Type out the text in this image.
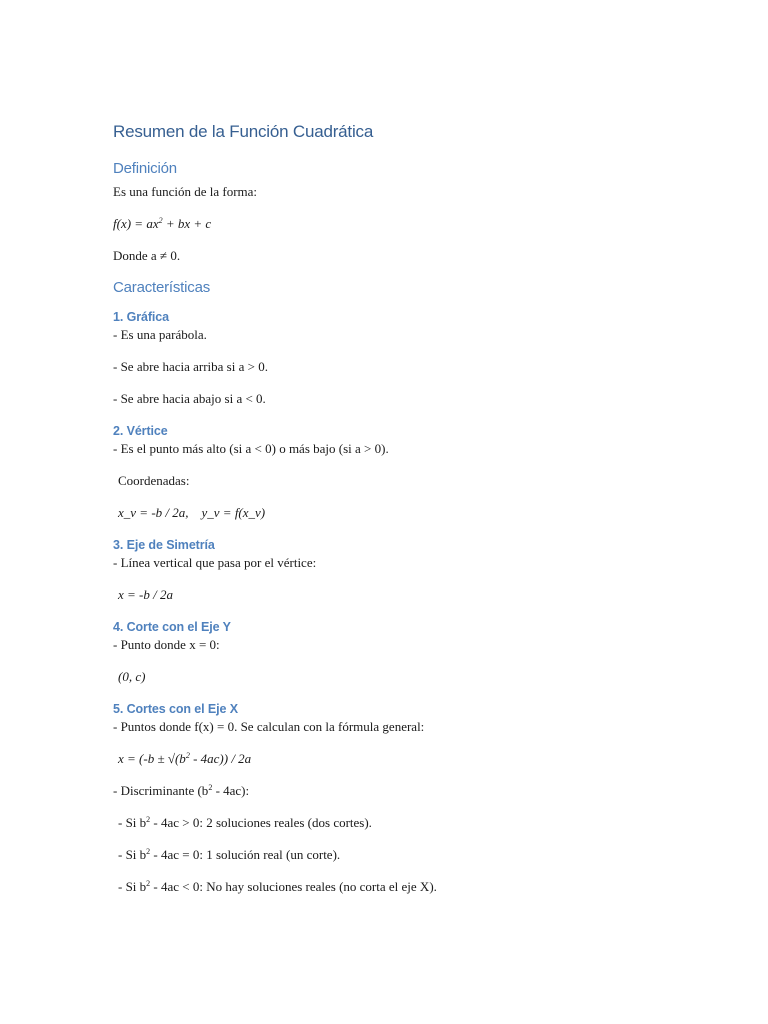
Resumen de la Función Cuadrática
Definición

Es una función de la forma:

$f(x) = ax^2$ + bx + c

Donde a ≠ 0.

Características
1. Gráfica

- Es una parábola.

- Se abre hacia arriba si a > 0.

- Se abre hacia abajo si a < 0.

2. Vértice

- Es el punto más alto (si a < 0) o más bajo (si a > 0).

Coordenadas:

x_v = -b / 2a,    y_v = f(x_v)

3. Eje de Simetría

- Línea vertical que pasa por el vértice:

x = -b / 2a

4. Corte con el Eje Y

- Punto donde x = 0:

(0, c)

5. Cortes con el Eje X

- Puntos donde f(x) = 0. Se calculan con la fórmula general:

$x = (-b \pm √(b^2 - 4ac)) / 2a$

- Discriminante $(b^2 - 4ac)$:

- Si $b^2 - 4ac > 0$: 2 soluciones reales (dos cortes).

- Si $b^2 - 4ac = 0$: 1 solución real (un corte).

- Si $b^2 - 4ac < 0$: No hay soluciones reales (no corta el eje X).
